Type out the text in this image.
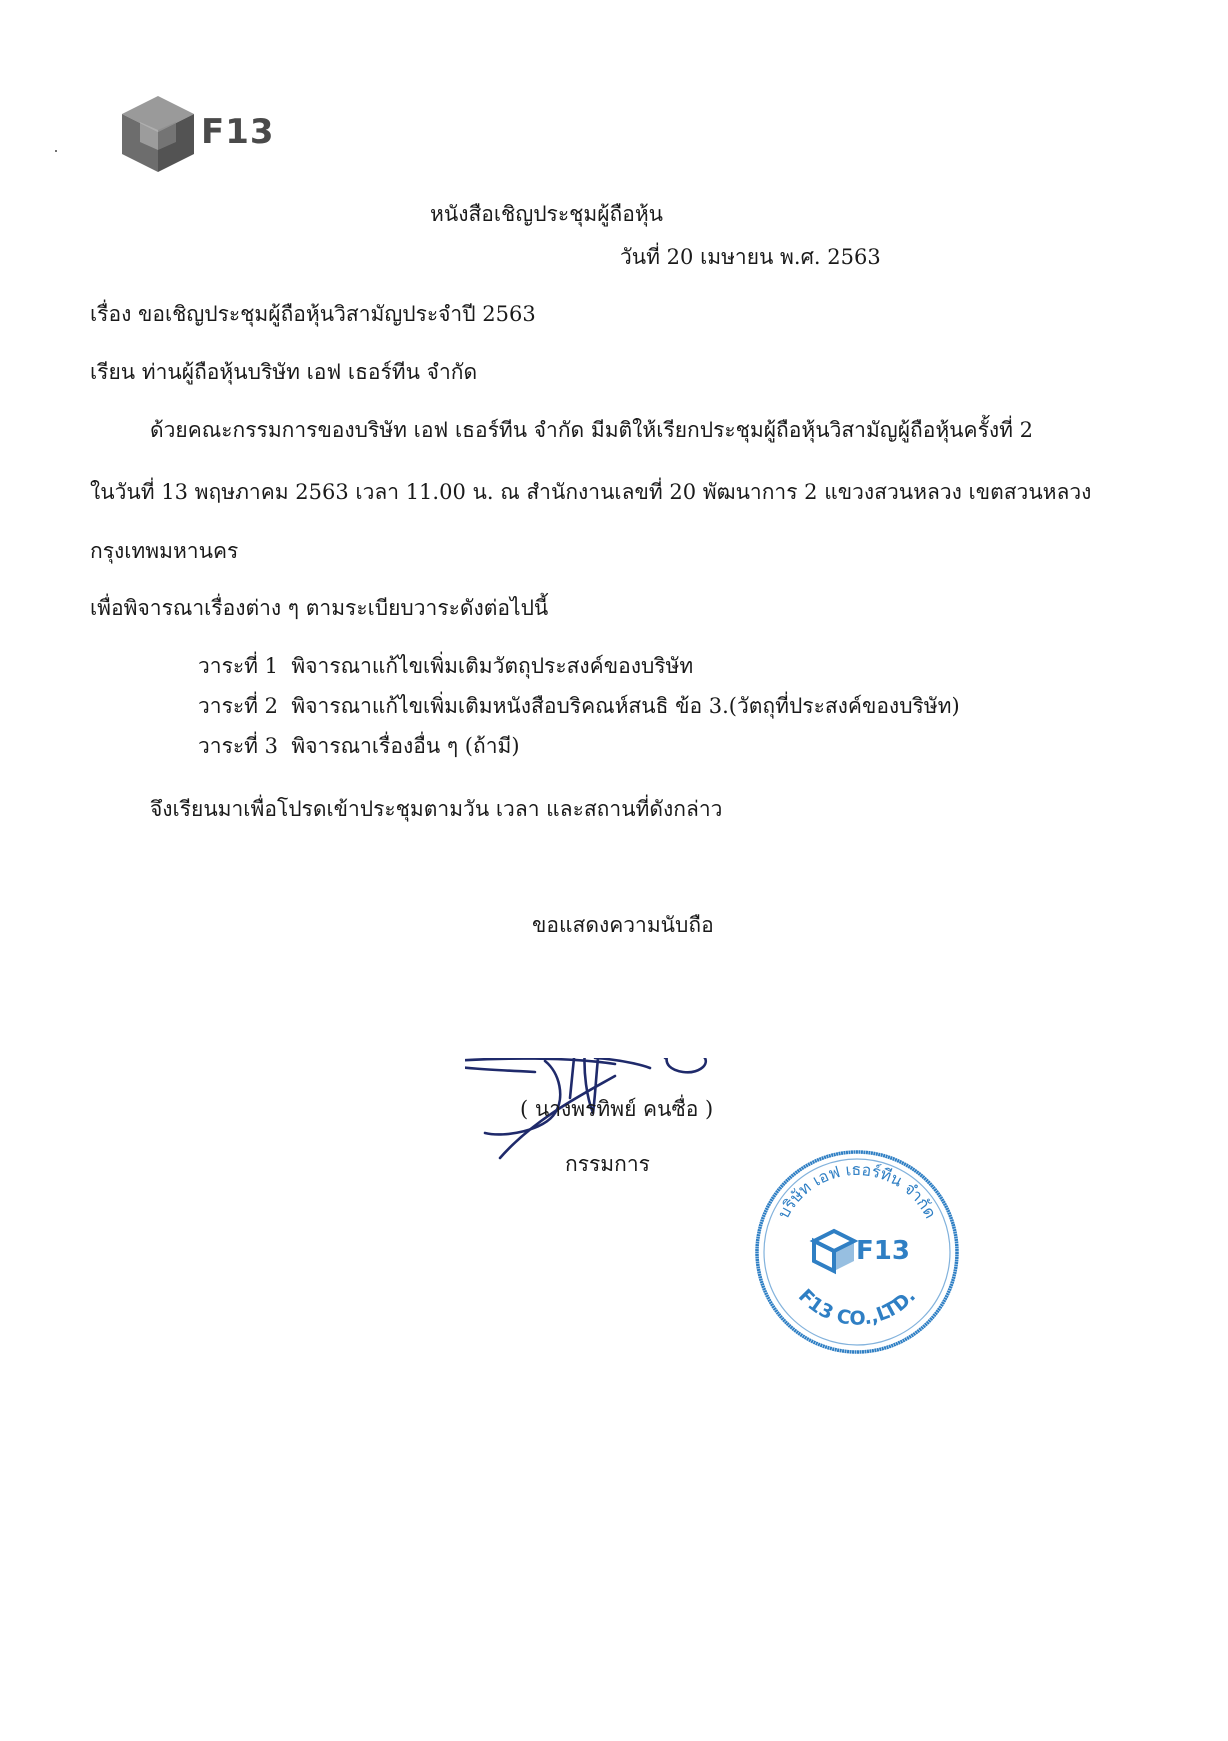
F13
หนังสือเชิญประชุมผู้ถือหุ้น
วันที่ 20 เมษายน พ.ศ. 2563
เรื่อง ขอเชิญประชุมผู้ถือหุ้นวิสามัญประจำปี 2563
เรียน ท่านผู้ถือหุ้นบริษัท เอฟ เธอร์ทีน จำกัด
ด้วยคณะกรรมการของบริษัท เอฟ เธอร์ทีน จำกัด มีมติให้เรียกประชุมผู้ถือหุ้นวิสามัญผู้ถือหุ้นครั้งที่ 2
ในวันที่ 13 พฤษภาคม 2563 เวลา 11.00 น. ณ สำนักงานเลขที่ 20 พัฒนาการ 2 แขวงสวนหลวง เขตสวนหลวง
กรุงเทพมหานคร
เพื่อพิจารณาเรื่องต่าง ๆ ตามระเบียบวาระดังต่อไปนี้
วาระที่ 1 พิจารณาแก้ไขเพิ่มเติมวัตถุประสงค์ของบริษัท
วาระที่ 2 พิจารณาแก้ไขเพิ่มเติมหนังสือบริคณห์สนธิ ข้อ 3.(วัตถุที่ประสงค์ของบริษัท)
วาระที่ 3 พิจารณาเรื่องอื่น ๆ (ถ้ามี)
จึงเรียนมาเพื่อโปรดเข้าประชุมตามวัน เวลา และสถานที่ดังกล่าว
ขอแสดงความนับถือ
( นางพรทิพย์ คนซื่อ )
กรรมการ
บริษัท เอฟ เธอร์ทีน จำกัด
F13 CO.,LTD.
F13
